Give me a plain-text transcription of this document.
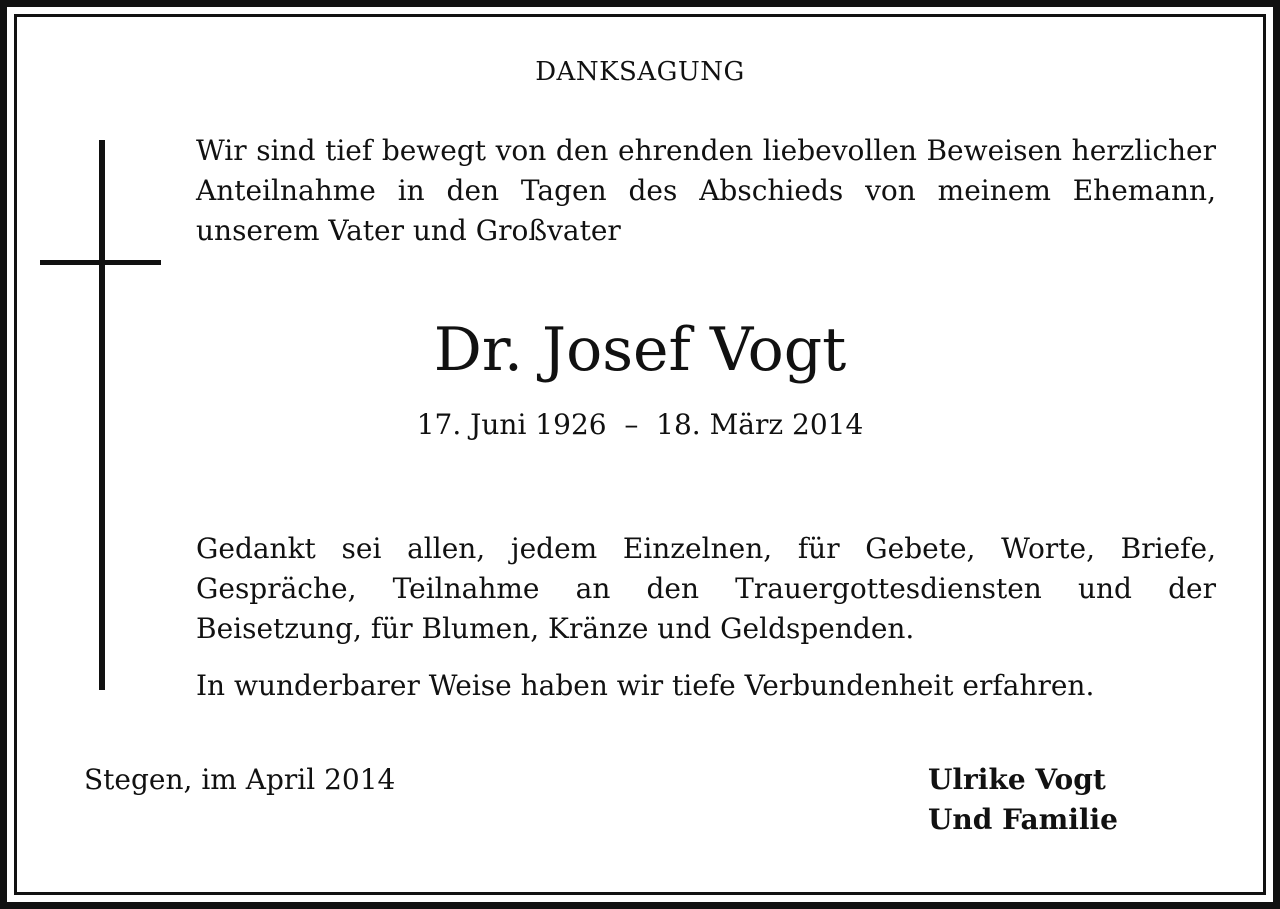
DANKSAGUNG
Wir sind tief bewegt von den ehrenden liebevollen Beweisen herzlicher Anteilnahme in den Tagen des Abschieds von meinem Ehemann, unserem Vater und Großvater
Dr. Josef Vogt
17. Juni 1926  –  18. März 2014
Gedankt sei allen, jedem Einzelnen, für Gebete, Worte, Briefe, Gespräche, Teilnahme an den Trauergottesdiensten und der Beisetzung, für Blumen, Kränze und Geldspenden.
In wunderbarer Weise haben wir tiefe Verbundenheit erfahren.
Stegen, im April 2014	Ulrike Vogt
Und Familie
